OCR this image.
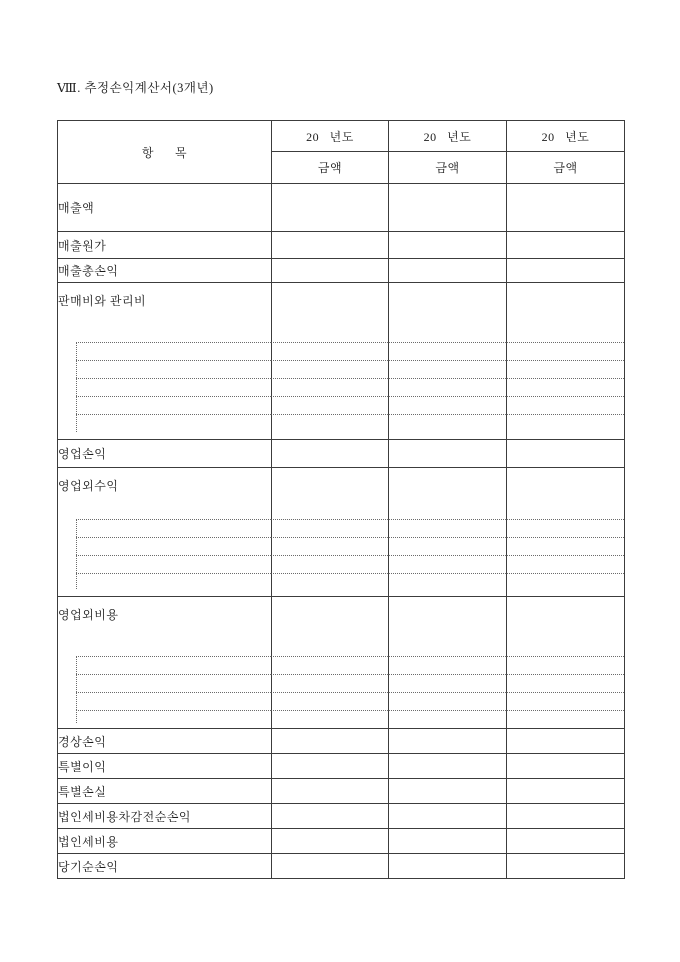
Ⅷ. 추정손익계산서(3개년)
항      목	20   년도	20   년도	20   년도
	금액	금액	금액
매출액			
매출원가			
매출총손익			
판매비와 관리비			

영업손익			
영업외수익			

영업외비용			

경상손익			
특별이익			
특별손실			
법인세비용차감전순손익			
법인세비용			
당기순손익			
